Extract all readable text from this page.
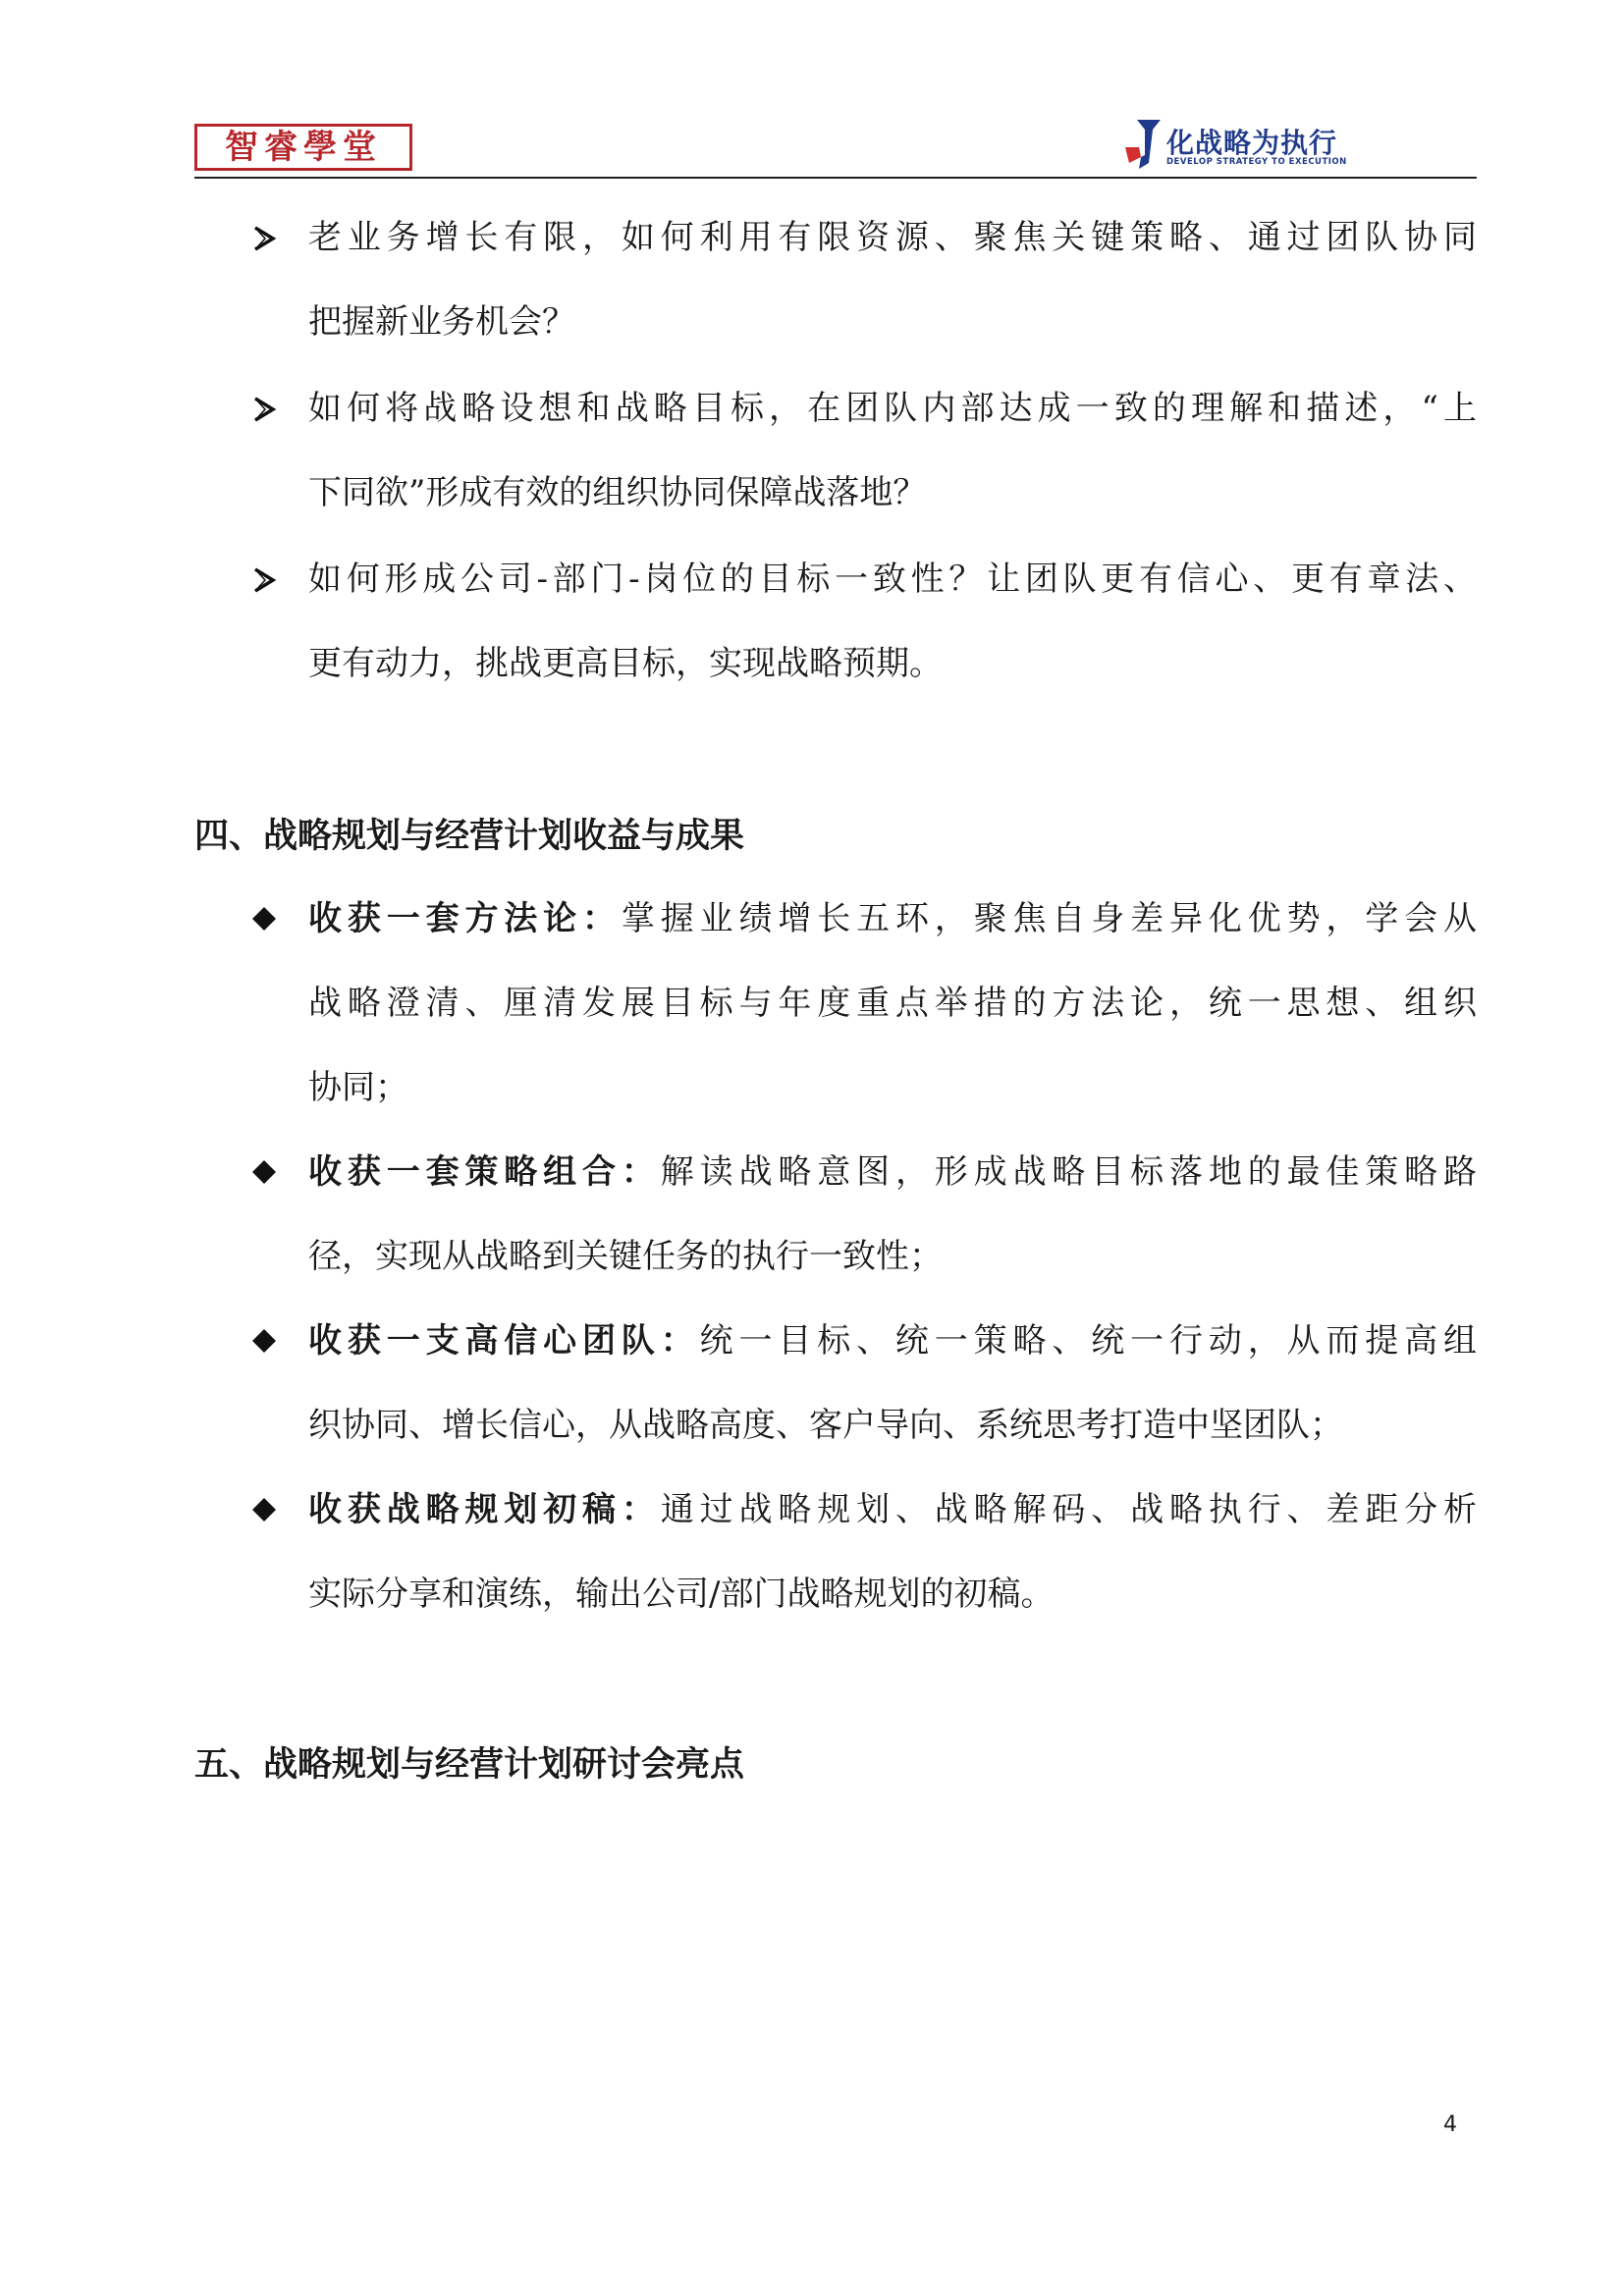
智睿學堂	化战略为执行
DEVELOP STRATEGY TO EXECUTION
老业务增长有限，如何利用有限资源、聚焦关键策略、通过团队协同
把握新业务机会？
如何将战略设想和战略目标，在团队内部达成一致的理解和描述，“上
下同欲”形成有效的组织协同保障战落地？
如何形成公司-部门-岗位的目标一致性？让团队更有信心、更有章法、
更有动力，挑战更高目标，实现战略预期。
四、战略规划与经营计划收益与成果
收获一套方法论：掌握业绩增长五环，聚焦自身差异化优势，学会从
战略澄清、厘清发展目标与年度重点举措的方法论，统一思想、组织
协同；
收获一套策略组合：解读战略意图，形成战略目标落地的最佳策略路
径，实现从战略到关键任务的执行一致性；
收获一支高信心团队：统一目标、统一策略、统一行动，从而提高组
织协同、增长信心，从战略高度、客户导向、系统思考打造中坚团队；
收获战略规划初稿：通过战略规划、战略解码、战略执行、差距分析
实际分享和演练，输出公司/部门战略规划的初稿。
五、战略规划与经营计划研讨会亮点
4
